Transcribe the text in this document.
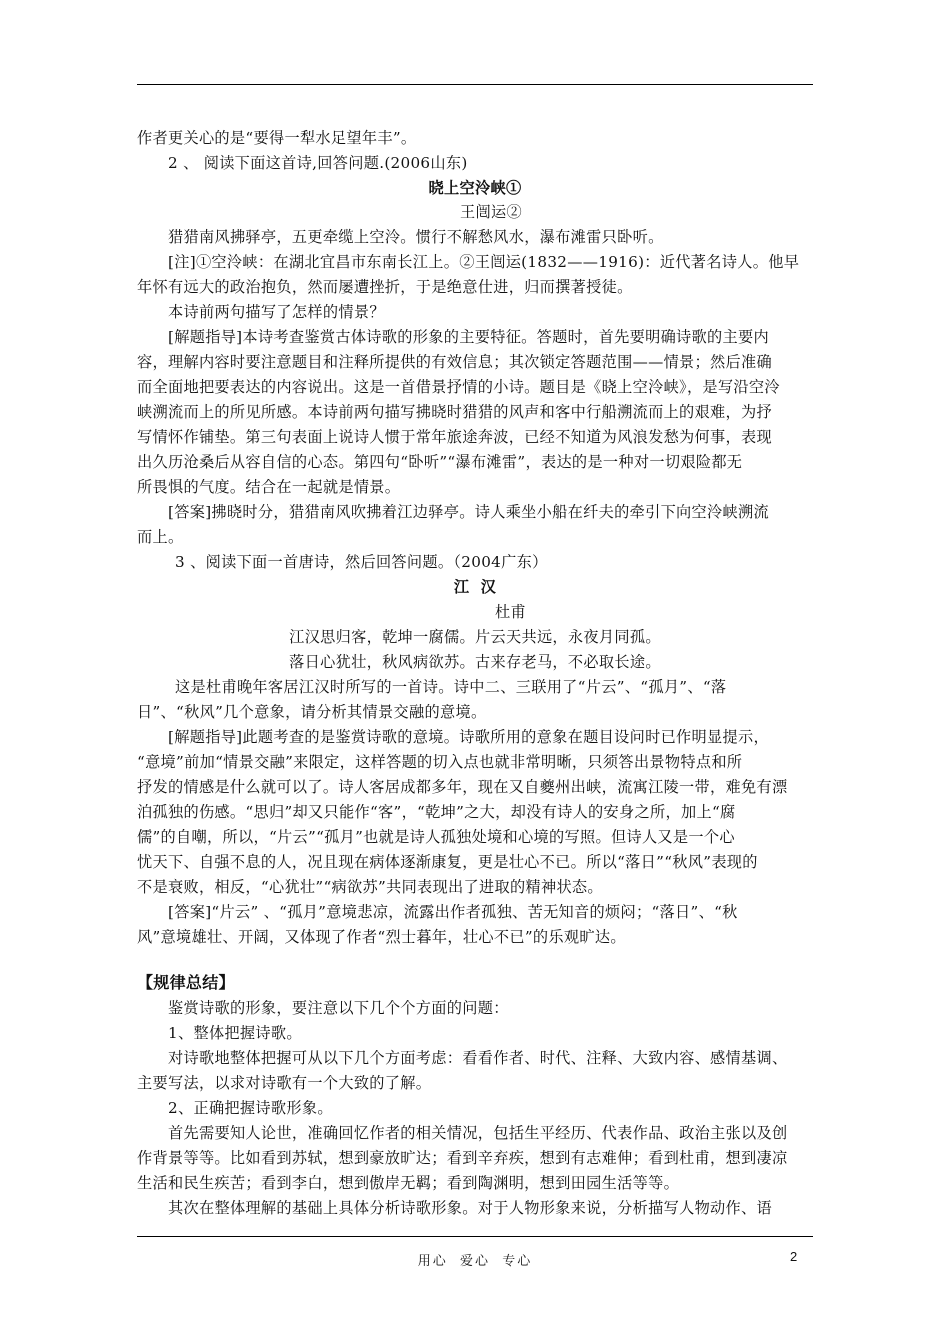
作者更关心的是“要得一犁水足望年丰”。
2 、 阅读下面这首诗,回答问题.(2006山东)
晓上空泠峡①
王闿运②
猎猎南风拂驿亭，五更牵缆上空泠。惯行不解愁风水，瀑布滩雷只卧听。
[注]①空泠峡：在湖北宜昌市东南长江上。②王闿运(1832——1916)：近代著名诗人。他早
年怀有远大的政治抱负，然而屡遭挫折，于是绝意仕进，归而撰著授徒。
本诗前两句描写了怎样的情景？
[解题指导]本诗考查鉴赏古体诗歌的形象的主要特征。答题时，首先要明确诗歌的主要内
容，理解内容时要注意题目和注释所提供的有效信息；其次锁定答题范围——情景；然后准确
而全面地把要表达的内容说出。这是一首借景抒情的小诗。题目是《晓上空泠峡》，是写沿空泠
峡溯流而上的所见所感。本诗前两句描写拂晓时猎猎的风声和客中行船溯流而上的艰难，为抒
写情怀作铺垫。第三句表面上说诗人惯于常年旅途奔波，已经不知道为风浪发愁为何事，表现
出久历沧桑后从容自信的心态。第四句“卧听”“瀑布滩雷”，表达的是一种对一切艰险都无
所畏惧的气度。结合在一起就是情景。
[答案]拂晓时分，猎猎南风吹拂着江边驿亭。诗人乘坐小船在纤夫的牵引下向空泠峡溯流
而上。
3 、阅读下面一首唐诗，然后回答问题。（2004广东）
江  汉
杜甫
江汉思归客，乾坤一腐儒。片云天共远，永夜月同孤。
落日心犹壮，秋风病欲苏。古来存老马，不必取长途。
这是杜甫晚年客居江汉时所写的一首诗。诗中二、三联用了“片云”、“孤月”、“落
日”、“秋风”几个意象，请分析其情景交融的意境。
[解题指导]此题考查的是鉴赏诗歌的意境。诗歌所用的意象在题目设问时已作明显提示，
“意境”前加“情景交融”来限定，这样答题的切入点也就非常明晰，只须答出景物特点和所
抒发的情感是什么就可以了。诗人客居成都多年，现在又自夔州出峡，流寓江陵一带，难免有漂
泊孤独的伤感。“思归”却又只能作“客”，“乾坤”之大，却没有诗人的安身之所，加上“腐
儒”的自嘲，所以，“片云”“孤月”也就是诗人孤独处境和心境的写照。但诗人又是一个心
忧天下、自强不息的人，况且现在病体逐渐康复，更是壮心不已。所以“落日”“秋风”表现的
不是衰败，相反，“心犹壮”“病欲苏”共同表现出了进取的精神状态。
[答案]“片云” 、“孤月”意境悲凉，流露出作者孤独、苦无知音的烦闷；“落日”、“秋
风”意境雄壮、开阔，又体现了作者“烈士暮年，壮心不已”的乐观旷达。
【规律总结】
鉴赏诗歌的形象，要注意以下几个个方面的问题：
1、整体把握诗歌。
对诗歌地整体把握可从以下几个方面考虑：看看作者、时代、注释、大致内容、感情基调、
主要写法，以求对诗歌有一个大致的了解。
2、正确把握诗歌形象。
首先需要知人论世，准确回忆作者的相关情况，包括生平经历、代表作品、政治主张以及创
作背景等等。比如看到苏轼，想到豪放旷达；看到辛弃疾，想到有志难伸；看到杜甫，想到凄凉
生活和民生疾苦；看到李白，想到傲岸无羁；看到陶渊明，想到田园生活等等。
其次在整体理解的基础上具体分析诗歌形象。对于人物形象来说，分析描写人物动作、语
用心  爱心  专心	2
